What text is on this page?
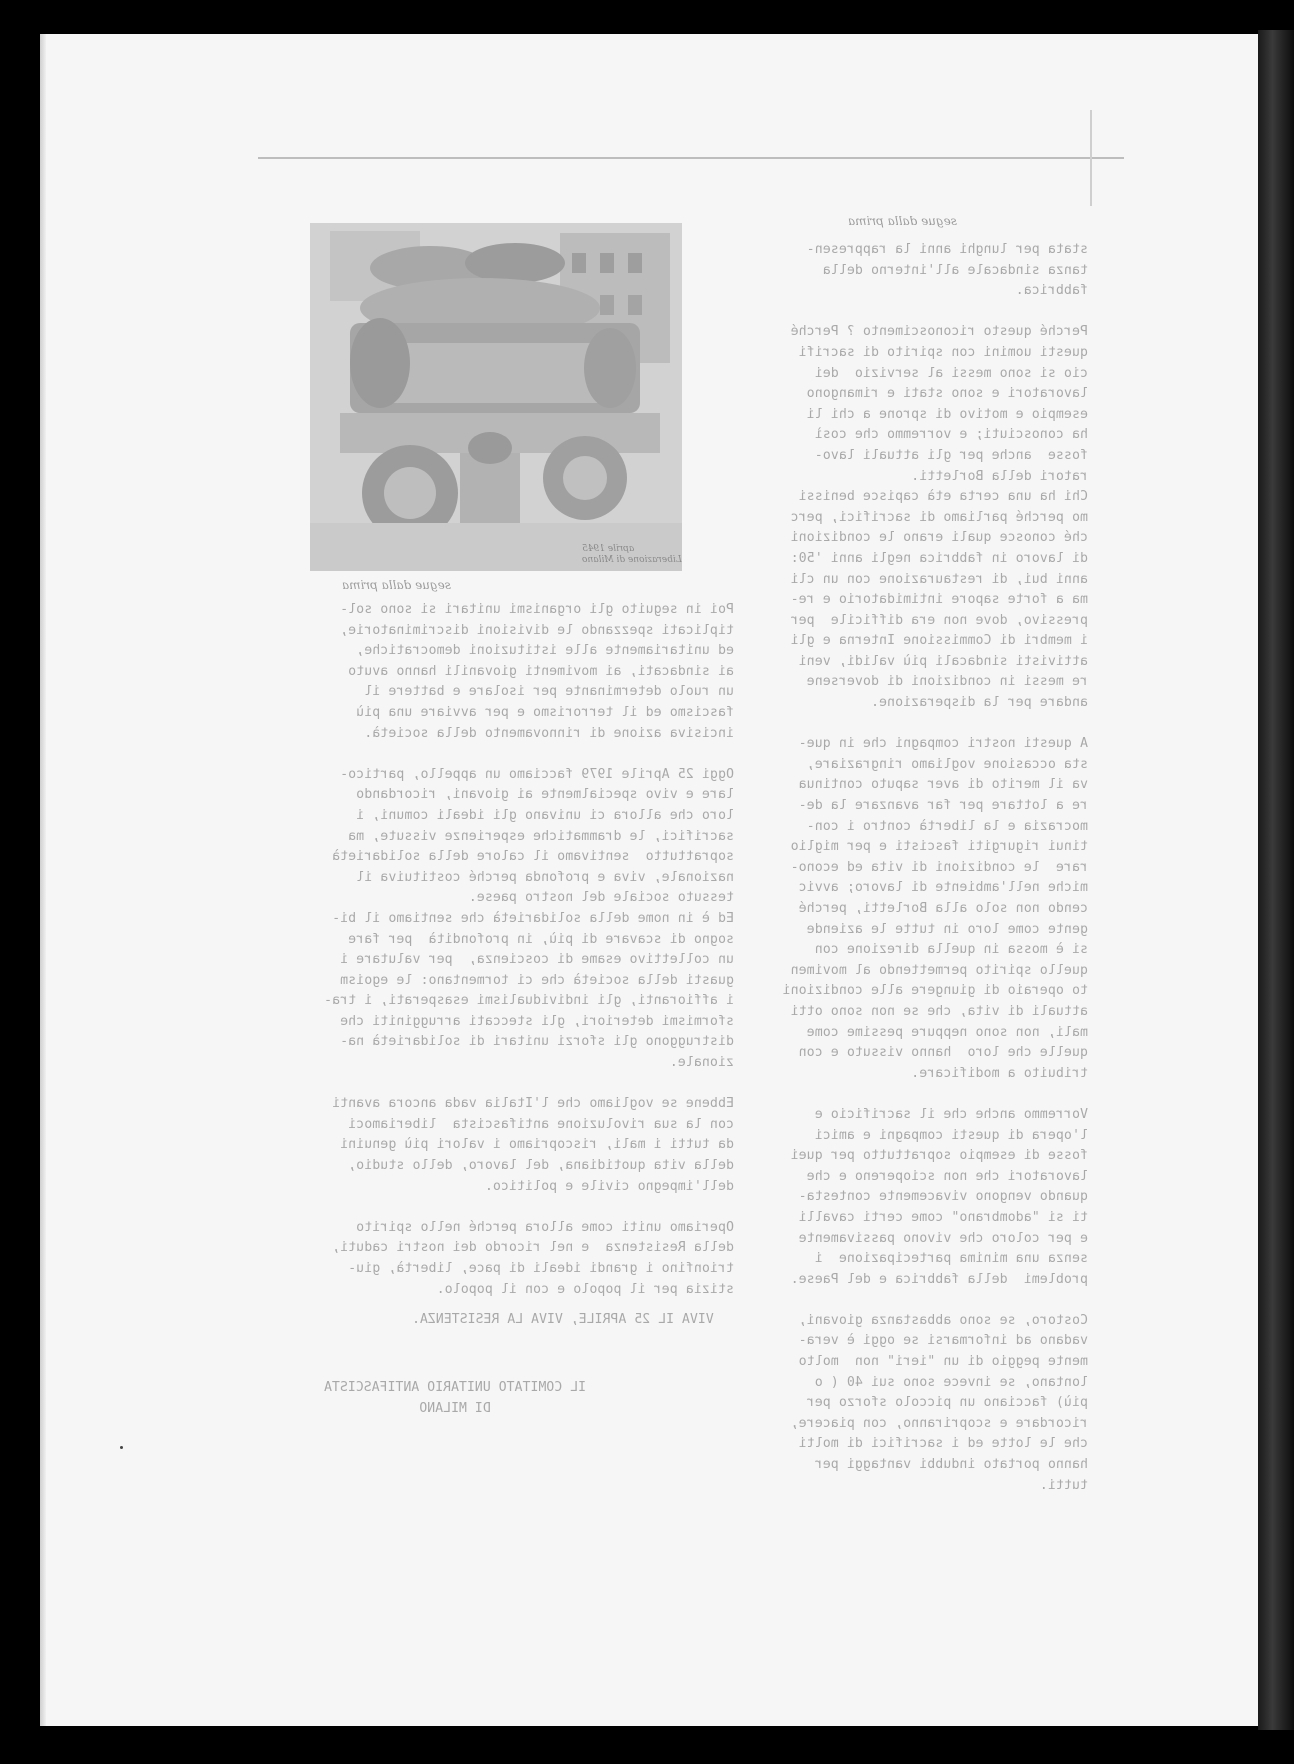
segue dalla prima
stata per lunghi anni la rappresen-
tanza sindacale all'interno della
fabbrica.

Perché questo riconoscimento ? Perché
questi uomini con spirito di sacrifi
cio si sono messi al servizio  dei
lavoratori e sono stati e rimangono
esempio e motivo di sprone a chi li
ha conosciuti; e vorremmo che così
fosse  anche per gli attuali lavo-
ratori della Borletti.
Chi ha una certa età capisce benissi
mo perché parliamo di sacrifici, perc
ché conosce quali erano le condizioni
di lavoro in fabbrica negli anni '50:
anni bui, di restaurazione con un cli
ma a forte sapore intimidatorio e re-
pressivo, dove non era difficile  per
i membri di Commissione Interna e gli
attivisti sindacali più validi, veni
re messi in condizioni di doversene
andare per la disperazione.

A questi nostri compagni che in que-
sta occasione vogliamo ringraziare,
va il merito di aver saputo continua
re a lottare per far avanzare la de-
mocrazia e la libertà contro i con-
tinui rigurgiti fascisti e per miglio
rare  le condizioni di vita ed econo-
miche nell'ambiente di lavoro; avvic
cendo non solo alla Borletti, perché
gente come loro in tutte le aziende
si è mossa in quella direzione con
quello spirito permettendo al movimen
to operaio di giungere alle condizioni
attuali di vita, che se non sono otti
mali, non sono neppure pessime come
quelle che loro  hanno vissuto e con
tribuito a modificare.

Vorremmo anche che il sacrificio e
l'opera di questi compagni e amici
fosse di esempio soprattutto per quei
lavoratori che non sciopereno e che
quando vengono vivacemente contesta-
ti si "adombrano" come certi cavalli
e per coloro che vivono passivamente
senza una minima partecipazione  i
problemi  della fabbrica e del Paese.

Costoro, se sono abbastanza giovani,
vadano ad informarsi se oggi è vera-
mente peggio di un "ieri" non  molto
lontano, se invece sono sui 40 ( o
più) facciano un piccolo sforzo per
ricordare e scopriranno, con piacere,
che le lotte ed i sacrifici di molti
hanno portato indubbi vantaggi per
tutti.
aprile 1945
Liberazione di Milano
segue dalla prima
Poi in seguito gli organismi unitari si sono sol-
tiplicati spezzando le divisioni discriminatorie,
ed unitariamente alle istituzioni democratiche,
ai sindacati, ai movimenti giovanili hanno avuto
un ruolo determinante per isolare e battere il
fascismo ed il terrorismo e per avviare una più
incisiva azione di rinnovamento della società.

Oggi 25 Aprile 1979 facciamo un appello, partico-
lare e vivo specialmente ai giovani, ricordando
loro che allora ci univano gli ideali comuni, i
sacrifici, le drammatiche esperienze vissute, ma
soprattutto  sentivamo il calore della solidarietà
nazionale, viva e profonda perché costituiva il
tessuto sociale del nostro paese.
Ed è in nome della solidarietà che sentiamo il bi-
sogno di scavare di più, in profondità  per fare
un collettivo esame di coscienza,  per valutare i
guasti della società che ci tormentano: le egoism
i affioranti, gli individualismi esasperati, i tra-
sformismi deteriori, gli steccati arrugginiti che
distruggono gli sforzi unitari di solidarietà na-
zionale.

Ebbene se vogliamo che l'Italia vada ancora avanti
con la sua rivoluzione antifascista  liberiamoci
da tutti i mali, riscopriamo i valori più genuini
della vita quotidiana, del lavoro, dello studio,
dell'impegno civile e politico.

Operiamo uniti come allora perché nello spirito
della Resistenza  e nel ricordo dei nostri caduti,
trionfino i grandi ideali di pace, libertà, giu-
stizia per il popolo e con il popolo.
VIVA IL 25 APRILE, VIVA LA RESISTENZA.
IL COMITATO UNITARIO ANTIFASCISTA
DI MILANO
